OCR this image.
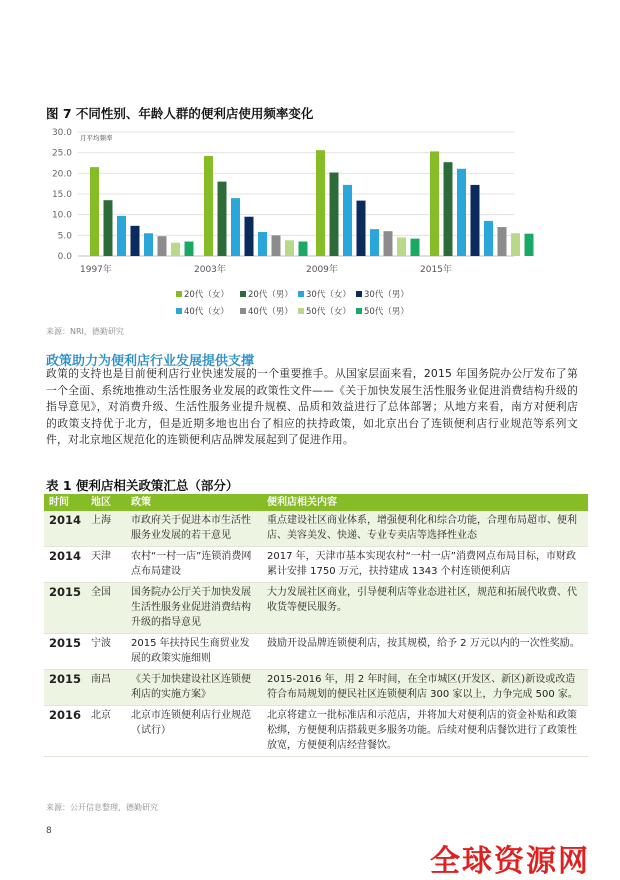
图 7 不同性别、年龄人群的便利店使用频率变化
0.0
5.0
10.0
15.0
20.0
25.0
30.0 月平均频率
1997年	2003年	2009年	2015年
20代（女） 20代（男） 30代（女） 30代（男）
40代（女） 40代（男） 50代（女） 50代（男）
来源：NRI，德勤研究
政策助力为便利店行业发展提供支撑
政策的支持也是目前便利店行业快速发展的一个重要推手。从国家层面来看，2015 年国务院办公厅发布了第一个全面、系统地推动生活性服务业发展的政策性文件——《关于加快发展生活性服务业促进消费结构升级的指导意见》，对消费升级、生活性服务业提升规模、品质和效益进行了总体部署；从地方来看，南方对便利店的政策支持优于北方，但是近期多地也出台了相应的扶持政策，如北京出台了连锁便利店行业规范等系列文件，对北京地区规范化的连锁便利店品牌发展起到了促进作用。
表 1 便利店相关政策汇总（部分）
时间	地区	政策	便利店相关内容
2014	上海	市政府关于促进本市生活性服务业发展的若干意见	重点建设社区商业体系，增强便利化和综合功能，合理布局超市、便利店、美容美发、快递、专业专卖店等选择性业态
2014	天津	农村“一村一店”连锁消费网点布局建设	2017 年，天津市基本实现农村“一村一店”消费网点布局目标，市财政累计安排 1750 万元，扶持建成 1343 个村连锁便利店
2015	全国	国务院办公厅关于加快发展生活性服务业促进消费结构升级的指导意见	大力发展社区商业，引导便利店等业态进社区，规范和拓展代收费、代收货等便民服务。
2015	宁波	2015 年扶持民生商贸业发展的政策实施细则	鼓励开设品牌连锁便利店，按其规模，给予 2 万元以内的一次性奖励。
2015	南昌	《关于加快建设社区连锁便利店的实施方案》	2015-2016 年，用 2 年时间，在全市城区(开发区、新区)新设或改造符合布局规划的便民社区连锁便利店 300 家以上，力争完成 500 家。
2016	北京	北京市连锁便利店行业规范（试行）	北京将建立一批标准店和示范店，并将加大对便利店的资金补贴和政策松绑，方便便利店搭载更多服务功能。后续对便利店餐饮进行了政策性放宽，方便便利店经营餐饮。
来源：公开信息整理，德勤研究
8
全球资源网
